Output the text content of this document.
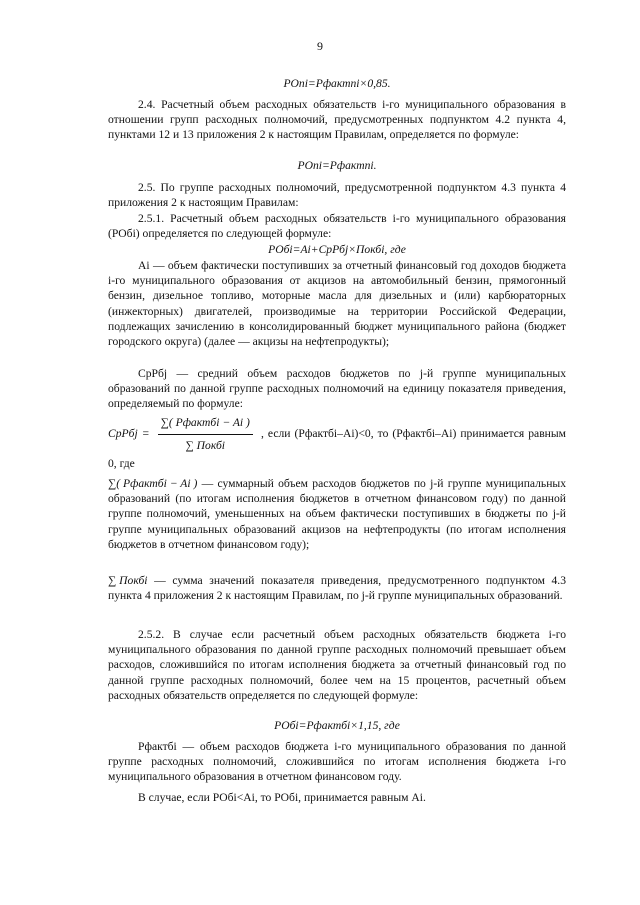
9

POni=Pфактni×0,85.

2.4. Расчетный объем расходных обязательств i-го муниципального образования в отношении групп расходных полномочий, предусмотренных подпунктом 4.2 пункта 4, пунктами 12 и 13 приложения 2 к настоящим Правилам, определяется по формуле:

POni=Pфактni.

2.5. По группе расходных полномочий, предусмотренной подпунктом 4.3 пункта 4 приложения 2 к настоящим Правилам:

2.5.1. Расчетный объем расходных обязательств i-го муниципального образования (POбi) определяется по следующей формуле:

POбi=Ai+CpPбj×Покбi, где

Ai — объем фактически поступивших за отчетный финансовый год доходов бюджета i-го муниципального образования от акцизов на автомобильный бензин, прямогонный бензин, дизельное топливо, моторные масла для дизельных и (или) карбюраторных (инжекторных) двигателей, производимые на территории Российской Федерации, подлежащих зачислению в консолидированный бюджет муниципального района (бюджет городского округа) (далее — акцизы на нефтепродукты);

CpPбj — средний объем расходов бюджетов по j-й группе муниципальных образований по данной группе расходных полномочий на единицу показателя приведения, определяемый по формуле:

CpPбj = $\frac{\text{∑( Pфактбi − Ai )}}{\text{∑ Покбi}}$ , если (Pфактбi–Ai)<0, то (Pфактбi–Ai) принимается равным 0, где

∑( Pфактбi − Ai ) — суммарный объем расходов бюджетов по j-й группе муниципальных образований (по итогам исполнения бюджетов в отчетном финансовом году) по данной группе полномочий, уменьшенных на объем фактически поступивших в бюджеты по j-й группе муниципальных образований акцизов на нефтепродукты (по итогам исполнения бюджетов в отчетном финансовом году);

∑ Покбi — сумма значений показателя приведения, предусмотренного подпунктом 4.3 пункта 4 приложения 2 к настоящим Правилам, по j-й группе муниципальных образований.

2.5.2. В случае если расчетный объем расходных обязательств бюджета i-го муниципального образования по данной группе расходных полномочий превышает объем расходов, сложившийся по итогам исполнения бюджета за отчетный финансовый год по данной группе расходных полномочий, более чем на 15 процентов, расчетный объем расходных обязательств определяется по следующей формуле:

POбi=Pфактбi×1,15, где

Pфактбi — объем расходов бюджета i-го муниципального образования по данной группе расходных полномочий, сложившийся по итогам исполнения бюджета i-го муниципального образования в отчетном финансовом году.

В случае, если POбi<Ai, то POбi, принимается равным Ai.
